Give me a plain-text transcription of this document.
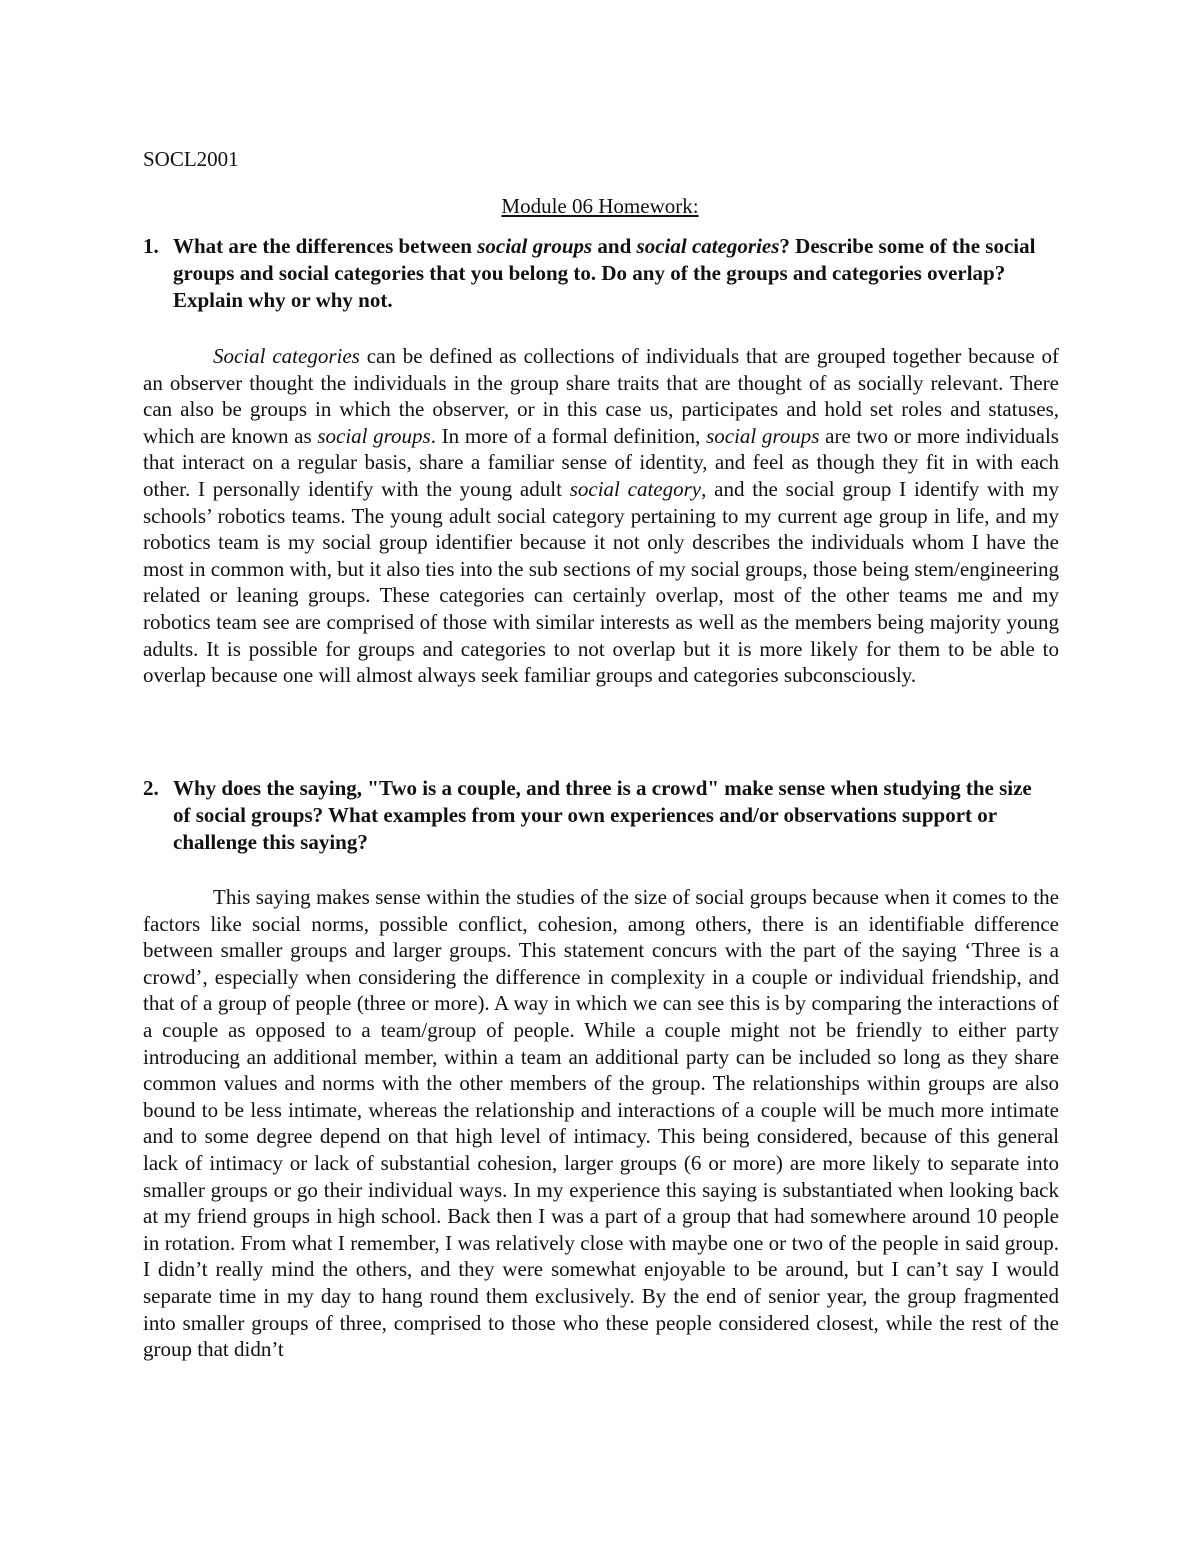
SOCL2001
Module 06 Homework:
1. What are the differences between social groups and social categories? Describe some of the social groups and social categories that you belong to. Do any of the groups and categories overlap? Explain why or why not.

Social categories can be defined as collections of individuals that are grouped together because of an observer thought the individuals in the group share traits that are thought of as socially relevant. There can also be groups in which the observer, or in this case us, participates and hold set roles and statuses, which are known as social groups. In more of a formal definition, social groups are two or more individuals that interact on a regular basis, share a familiar sense of identity, and feel as though they fit in with each other. I personally identify with the young adult social category, and the social group I identify with my schools’ robotics teams. The young adult social category pertaining to my current age group in life, and my robotics team is my social group identifier because it not only describes the individuals whom I have the most in common with, but it also ties into the sub sections of my social groups, those being stem/engineering related or leaning groups. These categories can certainly overlap, most of the other teams me and my robotics team see are comprised of those with similar interests as well as the members being majority young adults. It is possible for groups and categories to not overlap but it is more likely for them to be able to overlap because one will almost always seek familiar groups and categories subconsciously.

2. Why does the saying, "Two is a couple, and three is a crowd" make sense when studying the size of social groups? What examples from your own experiences and/or observations support or challenge this saying?

This saying makes sense within the studies of the size of social groups because when it comes to the factors like social norms, possible conflict, cohesion, among others, there is an identifiable difference between smaller groups and larger groups. This statement concurs with the part of the saying ‘Three is a crowd’, especially when considering the difference in complexity in a couple or individual friendship, and that of a group of people (three or more). A way in which we can see this is by comparing the interactions of a couple as opposed to a team/group of people. While a couple might not be friendly to either party introducing an additional member, within a team an additional party can be included so long as they share common values and norms with the other members of the group. The relationships within groups are also bound to be less intimate, whereas the relationship and interactions of a couple will be much more intimate and to some degree depend on that high level of intimacy. This being considered, because of this general lack of intimacy or lack of substantial cohesion, larger groups (6 or more) are more likely to separate into smaller groups or go their individual ways. In my experience this saying is substantiated when looking back at my friend groups in high school. Back then I was a part of a group that had somewhere around 10 people in rotation. From what I remember, I was relatively close with maybe one or two of the people in said group. I didn’t really mind the others, and they were somewhat enjoyable to be around, but I can’t say I would separate time in my day to hang round them exclusively. By the end of senior year, the group fragmented into smaller groups of three, comprised to those who these people considered closest, while the rest of the group that didn’t
